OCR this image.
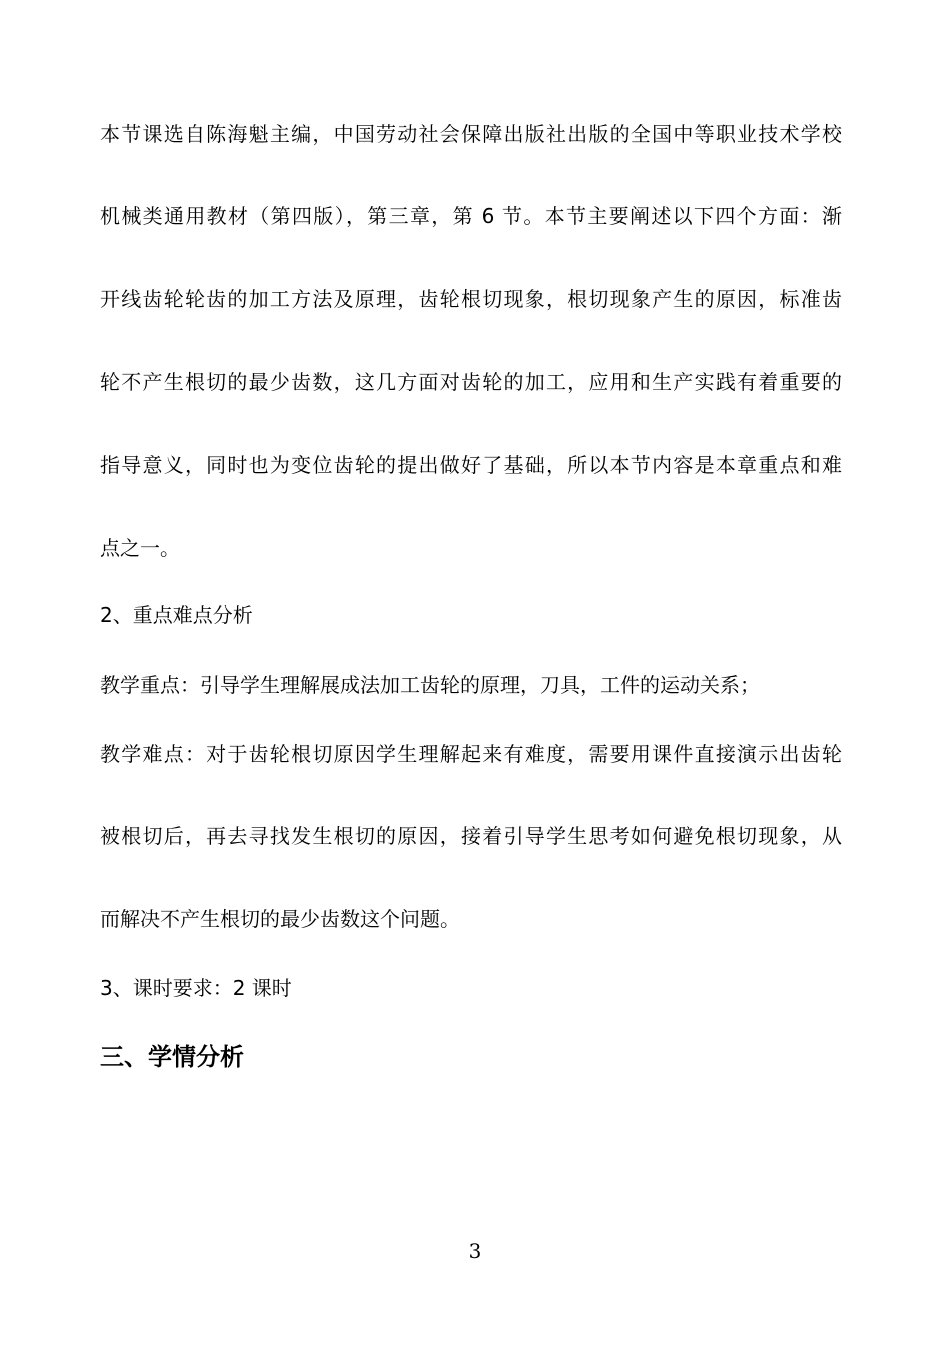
本节课选自陈海魁主编，中国劳动社会保障出版社出版的全国中等职业技术学校
机械类通用教材（第四版），第三章，第 6 节。本节主要阐述以下四个方面：渐
开线齿轮轮齿的加工方法及原理，齿轮根切现象，根切现象产生的原因，标准齿
轮不产生根切的最少齿数，这几方面对齿轮的加工，应用和生产实践有着重要的
指导意义，同时也为变位齿轮的提出做好了基础，所以本节内容是本章重点和难
点之一。
2、重点难点分析
教学重点：引导学生理解展成法加工齿轮的原理，刀具，工件的运动关系；
教学难点：对于齿轮根切原因学生理解起来有难度，需要用课件直接演示出齿轮
被根切后，再去寻找发生根切的原因，接着引导学生思考如何避免根切现象，从
而解决不产生根切的最少齿数这个问题。
3、课时要求：2 课时
三、学情分析
3
